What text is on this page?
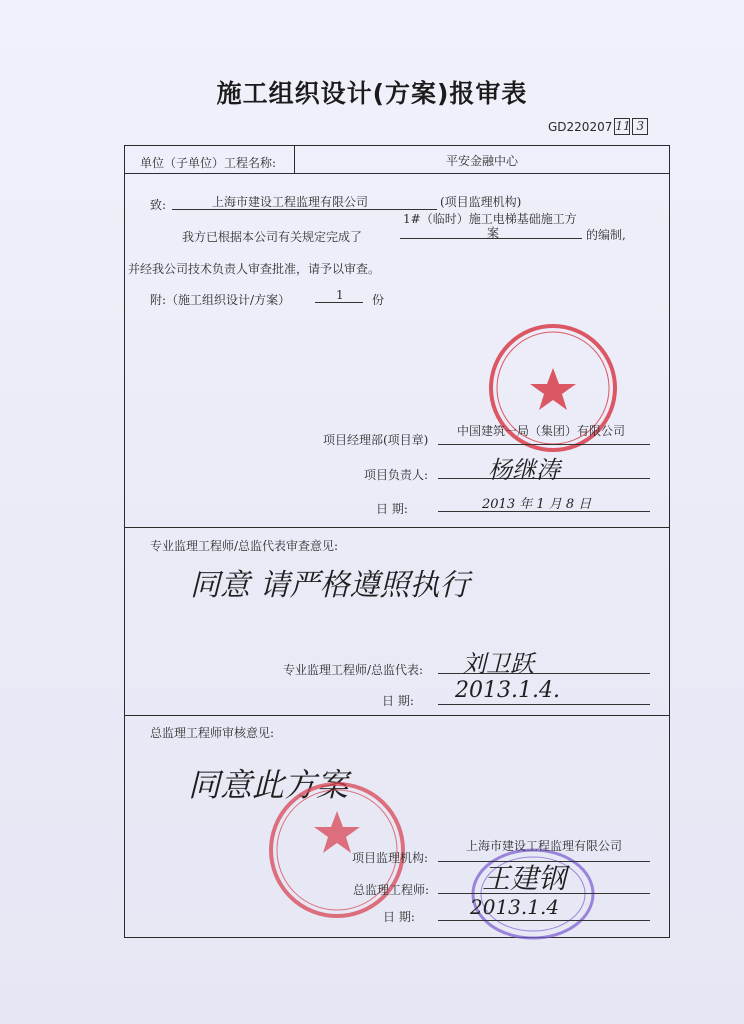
施工组织设计(方案)报审表
GD220207 11 3
单位（子单位）工程名称:	平安金融中心
致:	上海市建设工程监理有限公司	(项目监理机构)
我方已根据本公司有关规定完成了
1#（临时）施工电梯基础施工方
案	的编制,
并经我公司技术负责人审查批准，请予以审查。
附:（施工组织设计/方案）	1 份
项目经理部(项目章)
中国建筑一局（集团）有限公司
项目负责人: 杨继涛
日 期:	2013 年 1 月 8 日
专业监理工程师/总监代表审查意见:
同意 请严格遵照执行
专业监理工程师/总监代表: 刘卫跃
日 期: 2013.1.4.
总监理工程师审核意见:
同意此方案
项目监理机构:
上海市建设工程监理有限公司
总监理工程师: 王建钢
日 期:	2013.1.4
